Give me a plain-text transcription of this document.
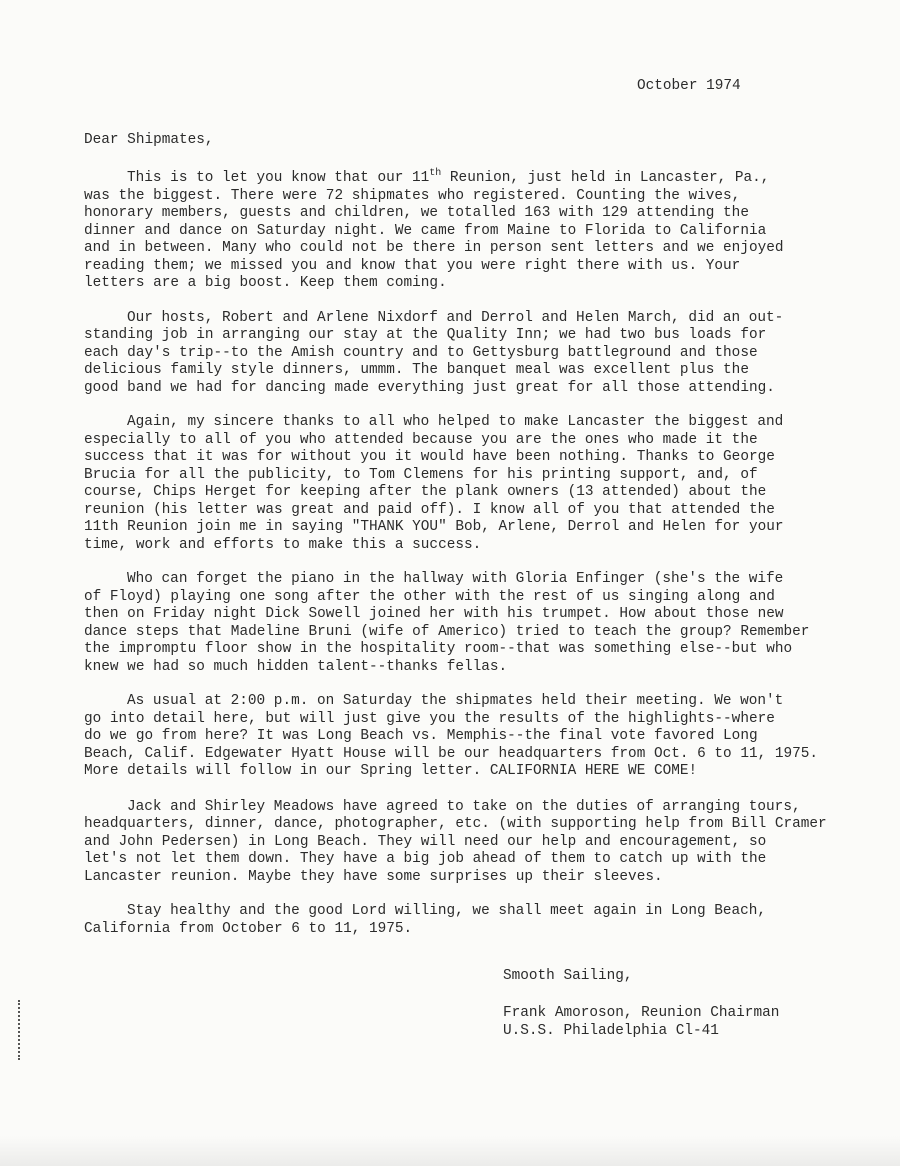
October 1974

Dear Shipmates,

This is to let you know that our 11th Reunion, just held in Lancaster, Pa.,
was the biggest. There were 72 shipmates who registered. Counting the wives,
honorary members, guests and children, we totalled 163 with 129 attending the
dinner and dance on Saturday night. We came from Maine to Florida to California
and in between. Many who could not be there in person sent letters and we enjoyed
reading them; we missed you and know that you were right there with us. Your
letters are a big boost. Keep them coming.

Our hosts, Robert and Arlene Nixdorf and Derrol and Helen March, did an out-
standing job in arranging our stay at the Quality Inn; we had two bus loads for
each day's trip--to the Amish country and to Gettysburg battleground and those
delicious family style dinners, ummm. The banquet meal was excellent plus the
good band we had for dancing made everything just great for all those attending.

Again, my sincere thanks to all who helped to make Lancaster the biggest and
especially to all of you who attended because you are the ones who made it the
success that it was for without you it would have been nothing. Thanks to George
Brucia for all the publicity, to Tom Clemens for his printing support, and, of
course, Chips Herget for keeping after the plank owners (13 attended) about the
reunion (his letter was great and paid off). I know all of you that attended the
11th Reunion join me in saying "THANK YOU" Bob, Arlene, Derrol and Helen for your
time, work and efforts to make this a success.

Who can forget the piano in the hallway with Gloria Enfinger (she's the wife
of Floyd) playing one song after the other with the rest of us singing along and
then on Friday night Dick Sowell joined her with his trumpet. How about those new
dance steps that Madeline Bruni (wife of Americo) tried to teach the group? Remember
the impromptu floor show in the hospitality room--that was something else--but who
knew we had so much hidden talent--thanks fellas.

As usual at 2:00 p.m. on Saturday the shipmates held their meeting. We won't
go into detail here, but will just give you the results of the highlights--where
do we go from here? It was Long Beach vs. Memphis--the final vote favored Long
Beach, Calif. Edgewater Hyatt House will be our headquarters from Oct. 6 to 11, 1975.
More details will follow in our Spring letter. CALIFORNIA HERE WE COME!

Jack and Shirley Meadows have agreed to take on the duties of arranging tours,
headquarters, dinner, dance, photographer, etc. (with supporting help from Bill Cramer
and John Pedersen) in Long Beach. They will need our help and encouragement, so
let's not let them down. They have a big job ahead of them to catch up with the
Lancaster reunion. Maybe they have some surprises up their sleeves.

Stay healthy and the good Lord willing, we shall meet again in Long Beach,
California from October 6 to 11, 1975.

Smooth Sailing,

Frank Amoroson, Reunion Chairman
U.S.S. Philadelphia Cl-41
